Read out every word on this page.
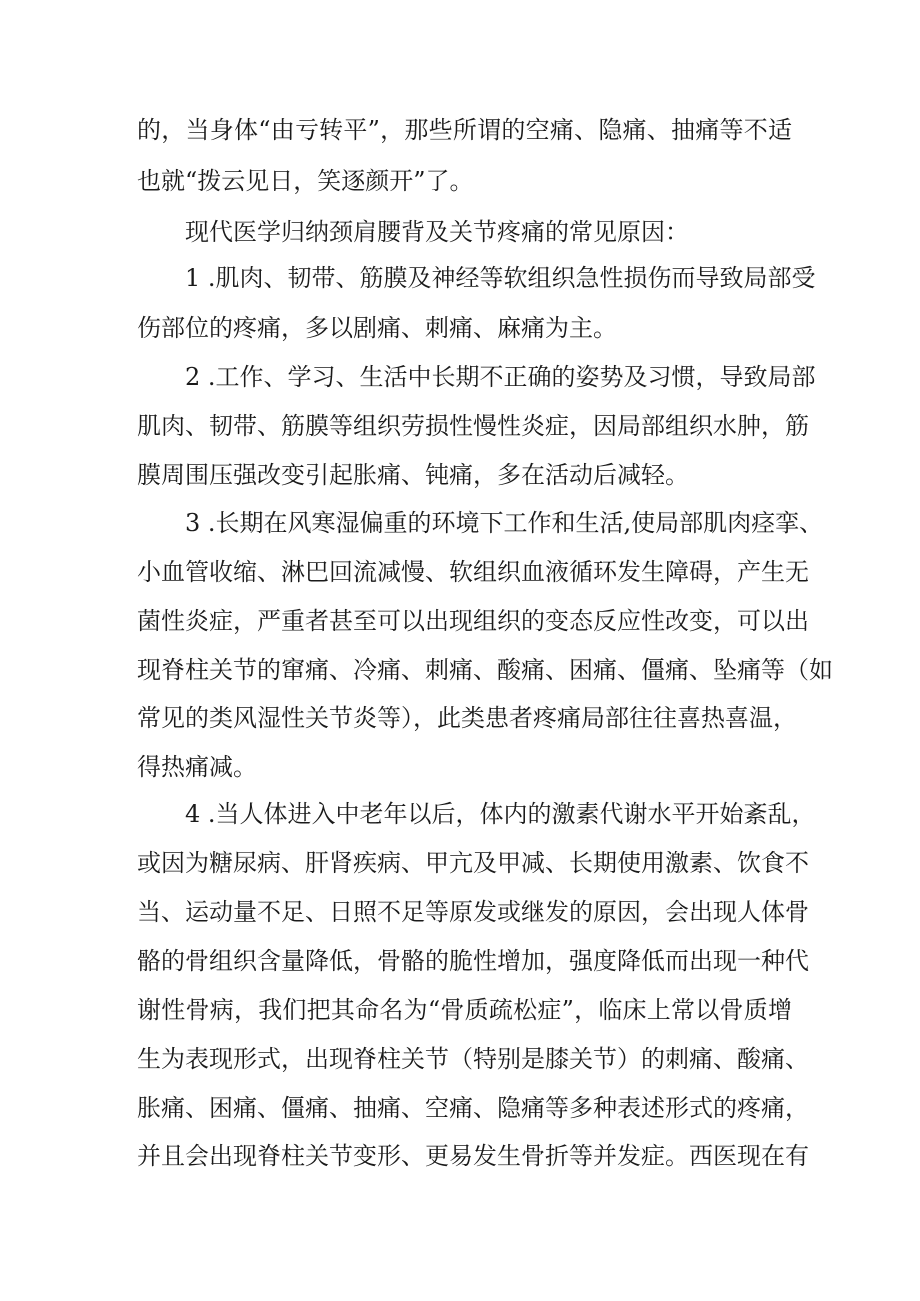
的，当身体“由亏转平”，那些所谓的空痛、隐痛、抽痛等不适
也就“拨云见日，笑逐颜开”了。
现代医学归纳颈肩腰背及关节疼痛的常见原因：
1 .肌肉、韧带、筋膜及神经等软组织急性损伤而导致局部受
伤部位的疼痛，多以剧痛、刺痛、麻痛为主。
2 .工作、学习、生活中长期不正确的姿势及习惯，导致局部
肌肉、韧带、筋膜等组织劳损性慢性炎症，因局部组织水肿，筋
膜周围压强改变引起胀痛、钝痛，多在活动后减轻。
3 .长期在风寒湿偏重的环境下工作和生活,使局部肌肉痉挛、
小血管收缩、淋巴回流减慢、软组织血液循环发生障碍，产生无
菌性炎症，严重者甚至可以出现组织的变态反应性改变，可以出
现脊柱关节的窜痛、冷痛、刺痛、酸痛、困痛、僵痛、坠痛等（如
常见的类风湿性关节炎等），此类患者疼痛局部往往喜热喜温，
得热痛减。
4 .当人体进入中老年以后，体内的激素代谢水平开始紊乱，
或因为糖尿病、肝肾疾病、甲亢及甲减、长期使用激素、饮食不
当、运动量不足、日照不足等原发或继发的原因，会出现人体骨
骼的骨组织含量降低，骨骼的脆性增加，强度降低而出现一种代
谢性骨病，我们把其命名为“骨质疏松症”，临床上常以骨质增
生为表现形式，出现脊柱关节（特别是膝关节）的刺痛、酸痛、
胀痛、困痛、僵痛、抽痛、空痛、隐痛等多种表述形式的疼痛，
并且会出现脊柱关节变形、更易发生骨折等并发症。西医现在有
